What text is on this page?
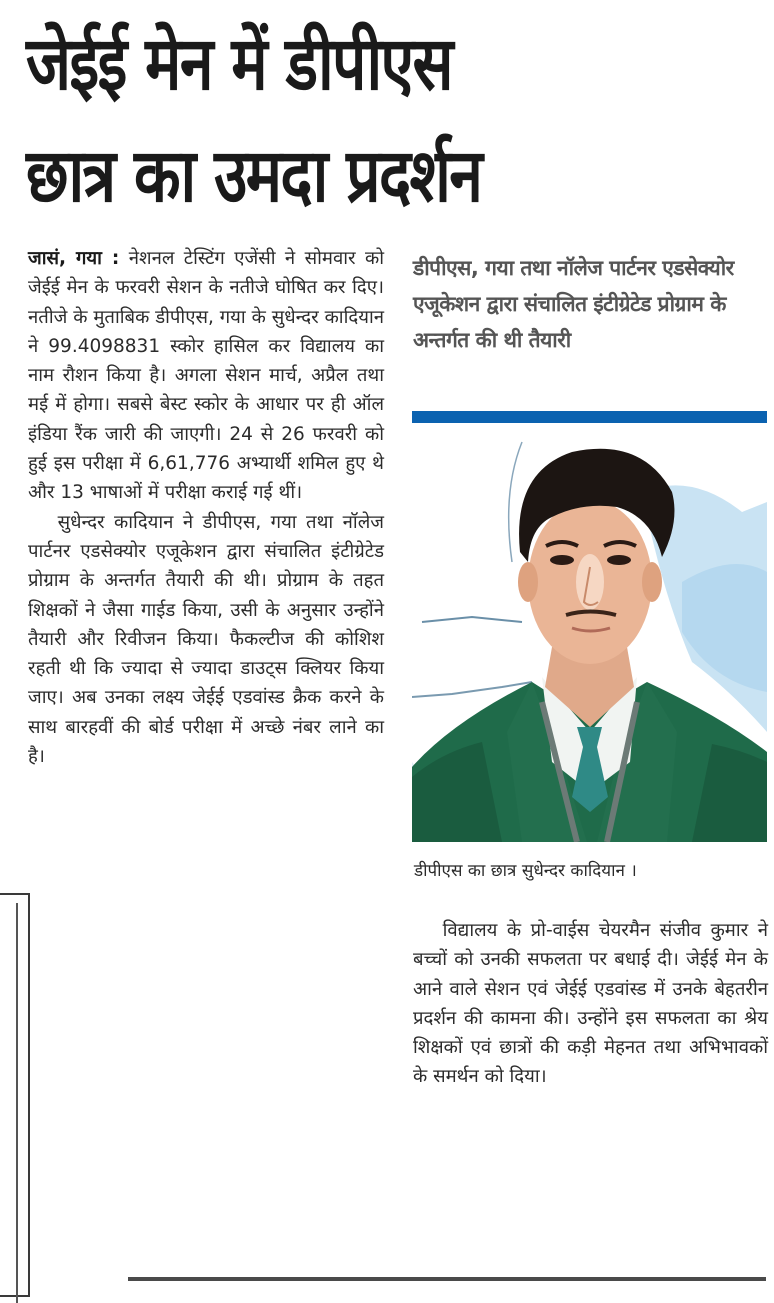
जेईई मेन में डीपीएस
छात्र का उमदा प्रदर्शन

जासं, गया : नेशनल टेस्टिंग एजेंसी ने सोमवार को जेईई मेन के फरवरी सेशन के नतीजे घोषित कर दिए। नतीजे के मुताबिक डीपीएस, गया के सुधेन्दर कादियान ने 99.4098831 स्कोर हासिल कर विद्यालय का नाम रौशन किया है। अगला सेशन मार्च, अप्रैल तथा मई में होगा। सबसे बेस्ट स्कोर के आधार पर ही ऑल इंडिया रैंक जारी की जाएगी। 24 से 26 फरवरी को हुई इस परीक्षा में 6,61,776 अभ्यार्थी शमिल हुए थे और 13 भाषाओं में परीक्षा कराई गई थीं।

सुधेन्दर कादियान ने डीपीएस, गया तथा नॉलेज पार्टनर एडसेक्योर एजूकेशन द्वारा संचालित इंटीग्रेटेड प्रोग्राम के अन्तर्गत तैयारी की थी। प्रोग्राम के तहत शिक्षकों ने जैसा गाईड किया, उसी के अनुसार उन्होंने तैयारी और रिवीजन किया। फैकल्टीज की कोशिश रहती थी कि ज्यादा से ज्यादा डाउट्स क्लियर किया जाए। अब उनका लक्ष्य जेईई एडवांस्ड क्रैक करने के साथ बारहवीं की बोर्ड परीक्षा में अच्छे नंबर लाने का है।

डीपीएस, गया तथा नॉलेज पार्टनर एडसेक्योर एजूकेशन द्वारा संचालित इंटीग्रेटेड प्रोग्राम के अन्तर्गत की थी तैयारी
डीपीएस का छात्र सुधेन्दर कादियान ।

विद्यालय के प्रो-वाईस चेयरमैन संजीव कुमार ने बच्चों को उनकी सफलता पर बधाई दी। जेईई मेन के आने वाले सेशन एवं जेईई एडवांस्ड में उनके बेहतरीन प्रदर्शन की कामना की। उन्होंने इस सफलता का श्रेय शिक्षकों एवं छात्रों की कड़ी मेहनत तथा अभिभावकों के समर्थन को दिया।
